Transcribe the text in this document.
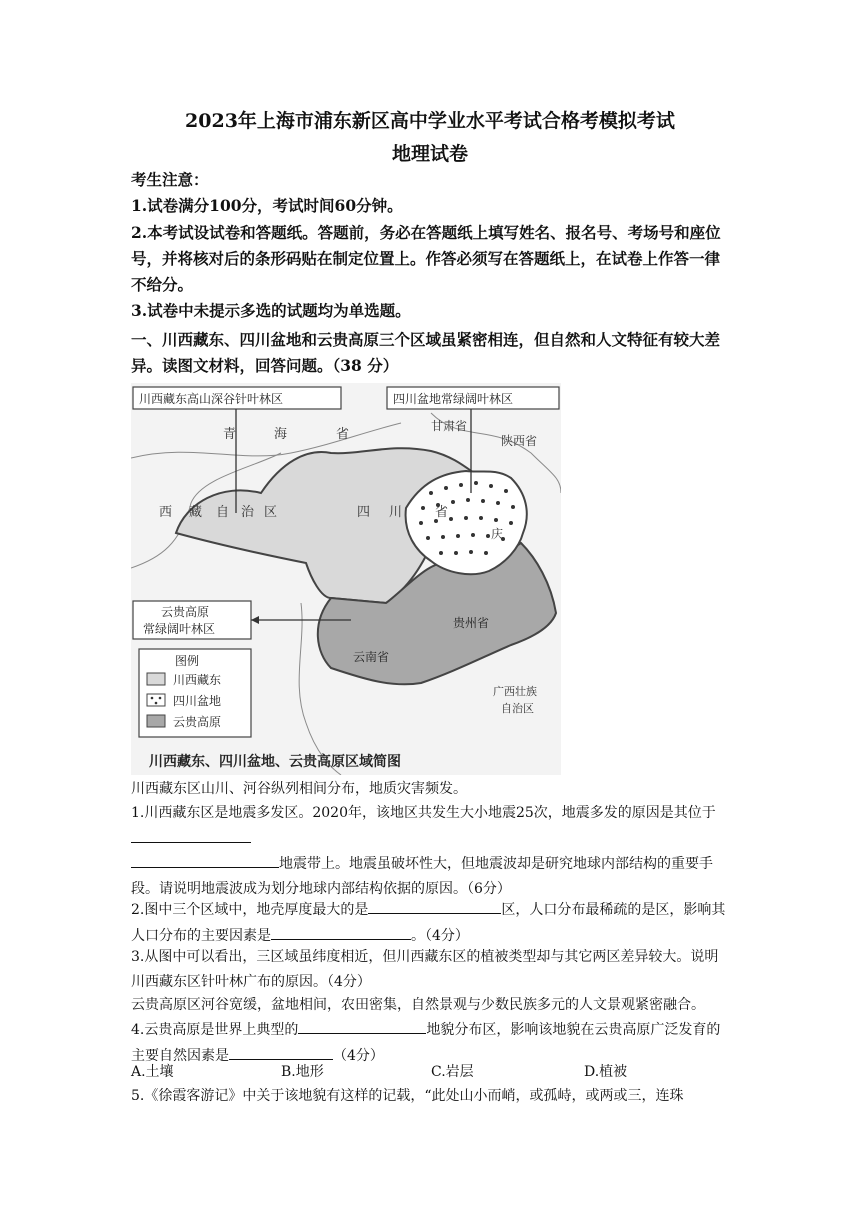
2023年上海市浦东新区高中学业水平考试合格考模拟考试
地理试卷
考生注意：
1.试卷满分100分，考试时间60分钟。
2.本考试设试卷和答题纸。答题前，务必在答题纸上填写姓名、报名号、考场号和座位号，并将核对后的条形码贴在制定位置上。作答必须写在答题纸上，在试卷上作答一律不给分。
3.试卷中未提示多选的试题均为单选题。
一、川西藏东、四川盆地和云贵高原三个区域虽紧密相连，但自然和人文特征有较大差异。读图文材料，回答问题。（38 分）
川西藏东高山深谷针叶林区	四川盆地常绿阔叶林区
云贵高原
常绿阔叶林区
青	海	省
甘肃省
陕西省
西 藏 自 治 区	四 川	省
庆
贵州省
云南省
广西壮族
自治区
图例
川西藏东
四川盆地
云贵高原
川西藏东、四川盆地、云贵高原区域简图
川西藏东区山川、河谷纵列相间分布，地质灾害频发。
1.川西藏东区是地震多发区。2020年，该地区共发生大小地震25次，地震多发的原因是其位于
地震带上。地震虽破坏性大，但地震波却是研究地球内部结构的重要手段。请说明地震波成为划分地球内部结构依据的原因。（6分）
2.图中三个区域中，地壳厚度最大的是	区，人口分布最稀疏的是区，影响其人口分布的主要因素是	。（4分）
3.从图中可以看出，三区域虽纬度相近，但川西藏东区的植被类型却与其它两区差异较大。说明川西藏东区针叶林广布的原因。（4分）
云贵高原区河谷宽缓，盆地相间，农田密集，自然景观与少数民族多元的人文景观紧密融合。
4.云贵高原是世界上典型的	地貌分布区，影响该地貌在云贵高原广泛发育的主要自然因素是	（4分）
A.土壤	B.地形	C.岩层	D.植被
5.《徐霞客游记》中关于该地貌有这样的记载，“此处山小而峭，或孤峙，或两或三，连珠
